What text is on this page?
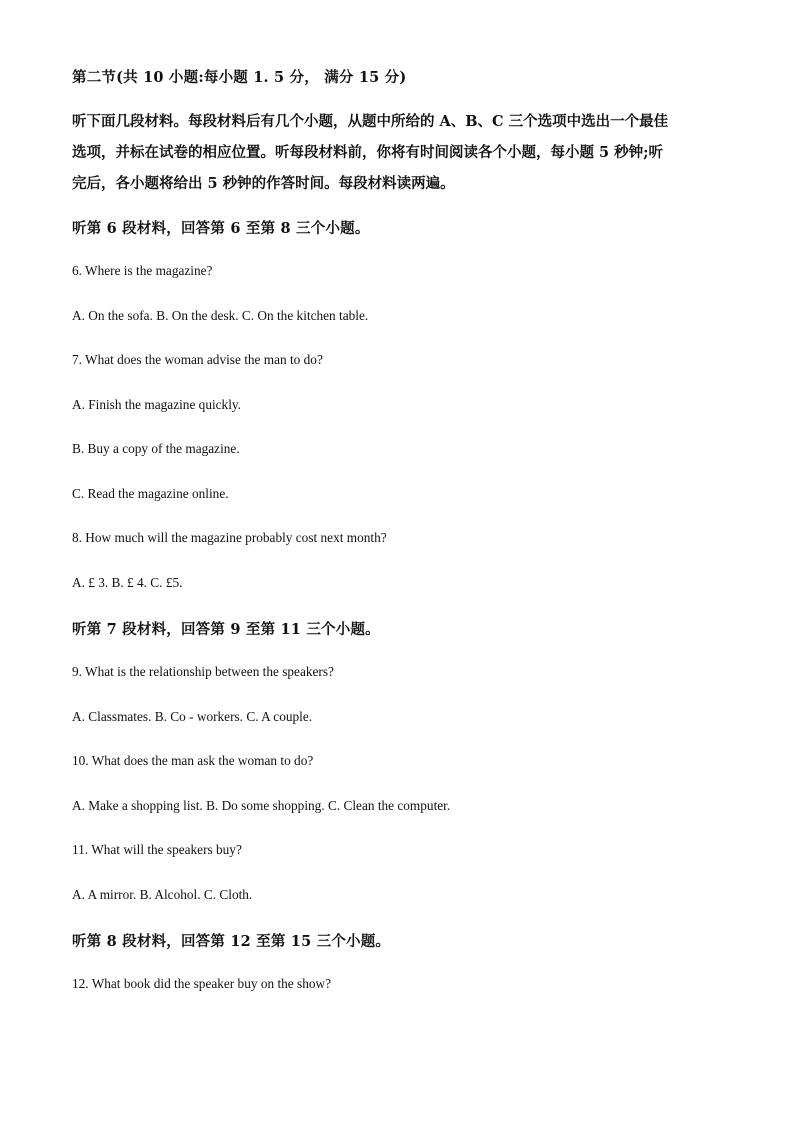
第二节(共 10 小题:每小题 1. 5 分， 满分 15 分)
听下面几段材料。每段材料后有几个小题，从题中所给的 A、B、C 三个选项中选出一个最佳
选项，并标在试卷的相应位置。听每段材料前，你将有时间阅读各个小题，每小题 5 秒钟;听
完后，各小题将给出 5 秒钟的作答时间。每段材料读两遍。
听第 6 段材料，回答第 6 至第 8 三个小题。
6. Where is the magazine?
A. On the sofa. B. On the desk. C. On the kitchen table.
7. What does the woman advise the man to do?
A. Finish the magazine quickly.
B. Buy a copy of the magazine.
C. Read the magazine online.
8. How much will the magazine probably cost next month?
A. £ 3. B. £ 4. C. £5.
听第 7 段材料，回答第 9 至第 11 三个小题。
9. What is the relationship between the speakers?
A. Classmates. B. Co - workers. C. A couple.
10. What does the man ask the woman to do?
A. Make a shopping list. B. Do some shopping. C. Clean the computer.
11. What will the speakers buy?
A. A mirror. B. Alcohol. C. Cloth.
听第 8 段材料，回答第 12 至第 15 三个小题。
12. What book did the speaker buy on the show?
